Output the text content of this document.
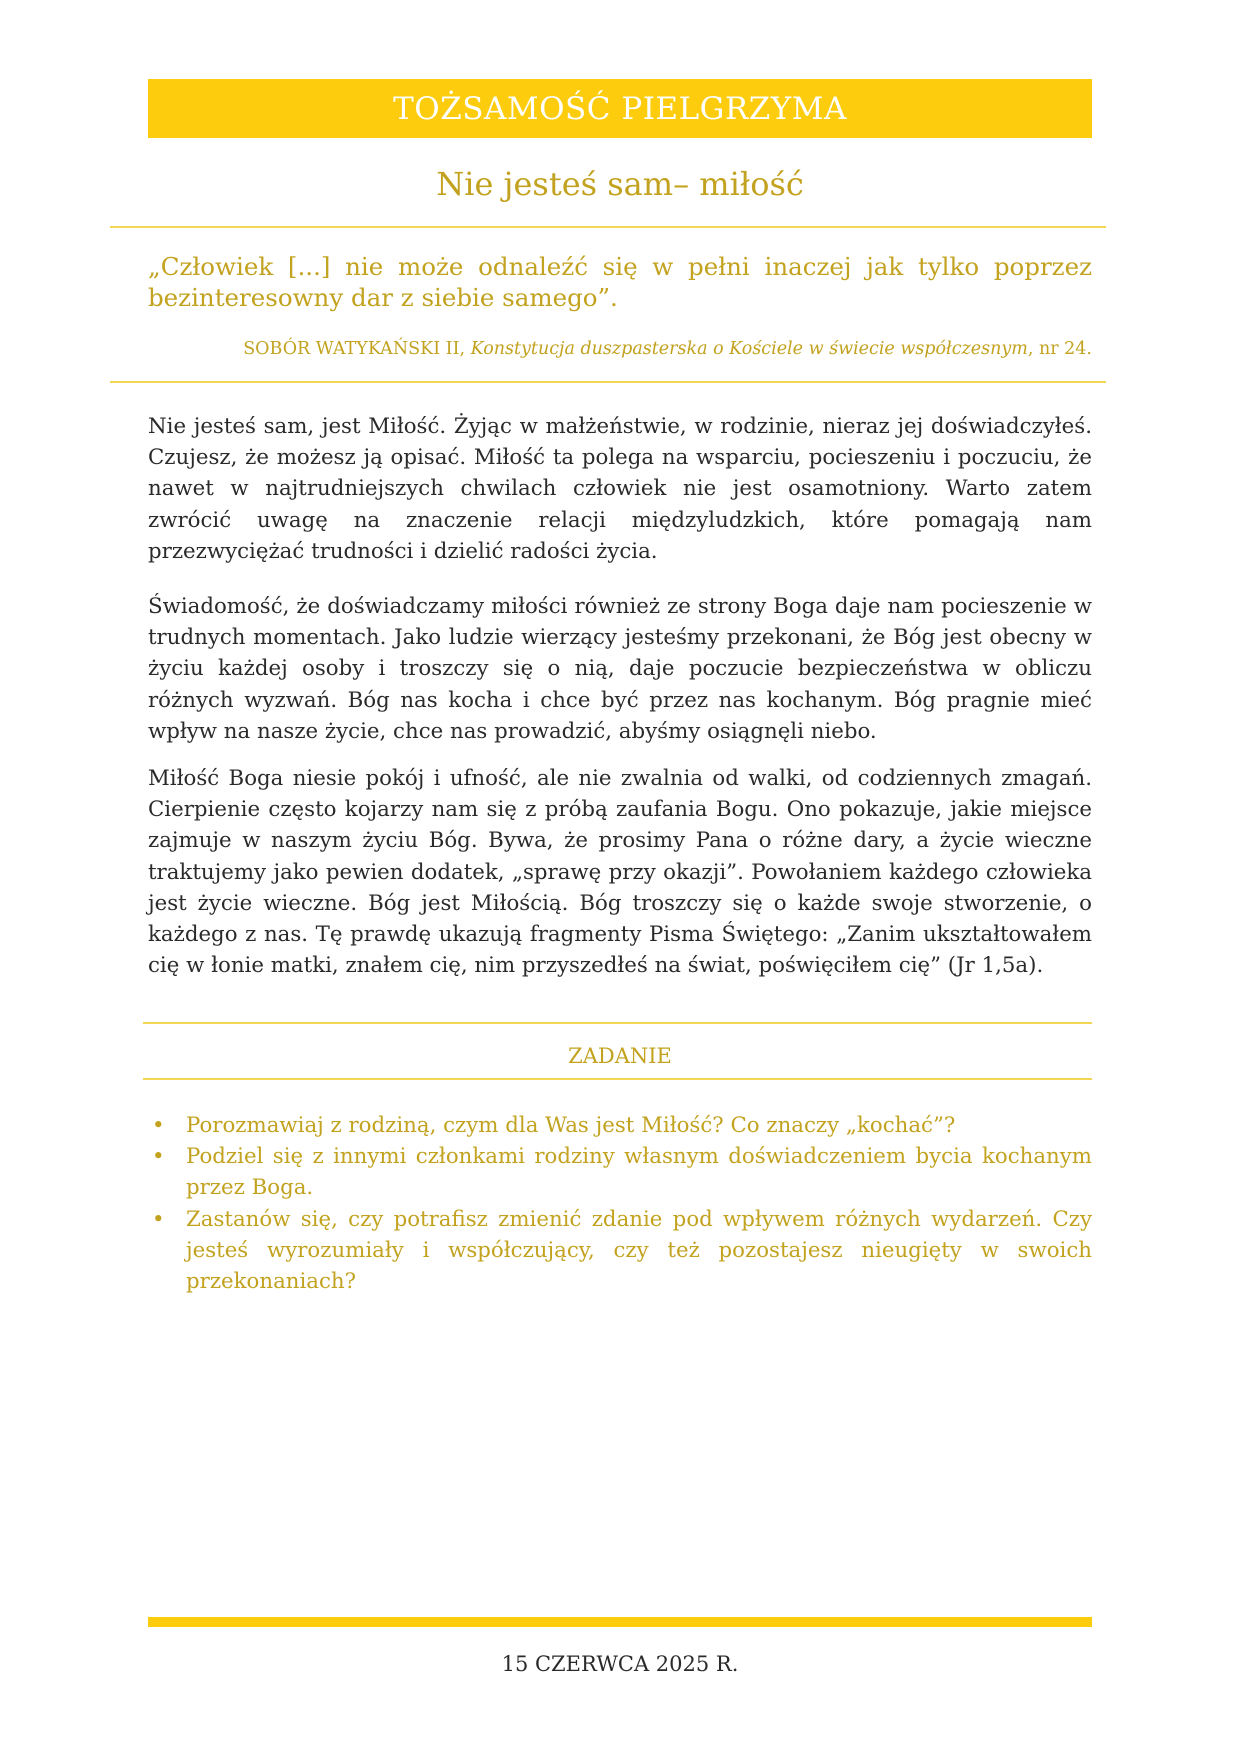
TOŻSAMOŚĆ PIELGRZYMA
Nie jesteś sam– miłość

„Człowiek [...] nie może odnaleźć się w pełni inaczej jak tylko poprzez bezinteresowny dar z siebie samego”.

SOBÓR WATYKAŃSKI II, Konstytucja duszpasterska o Kościele w świecie współczesnym, nr 24.

Nie jesteś sam, jest Miłość. Żyjąc w małżeństwie, w rodzinie, nieraz jej doświadczyłeś. Czujesz, że możesz ją opisać. Miłość ta polega na wsparciu, pocieszeniu i poczuciu, że nawet w najtrudniejszych chwilach człowiek nie jest osamotniony. Warto zatem zwrócić uwagę na znaczenie relacji międzyludzkich, które pomagają nam przezwyciężać trudności i dzielić radości życia.

Świadomość, że doświadczamy miłości również ze strony Boga daje nam pocieszenie w trudnych momentach. Jako ludzie wierzący jesteśmy przekonani, że Bóg jest obecny w życiu każdej osoby i troszczy się o nią, daje poczucie bezpieczeństwa w obliczu różnych wyzwań. Bóg nas kocha i chce być przez nas kochanym. Bóg pragnie mieć wpływ na nasze życie, chce nas prowadzić, abyśmy osiągnęli niebo.

Miłość Boga niesie pokój i ufność, ale nie zwalnia od walki, od codziennych zmagań. Cierpienie często kojarzy nam się z próbą zaufania Bogu. Ono pokazuje, jakie miejsce zajmuje w naszym życiu Bóg. Bywa, że prosimy Pana o różne dary, a życie wieczne traktujemy jako pewien dodatek, „sprawę przy okazji”. Powołaniem każdego człowieka jest życie wieczne. Bóg jest Miłością. Bóg troszczy się o każde swoje stworzenie, o każdego z nas. Tę prawdę ukazują fragmenty Pisma Świętego: „Zanim ukształtowałem cię w łonie matki, znałem cię, nim przyszedłeś na świat, poświęciłem cię” (Jr 1,5a).

ZADANIE
• Porozmawiaj z rodziną, czym dla Was jest Miłość? Co znaczy „kochać”?
• Podziel się z innymi członkami rodziny własnym doświadczeniem bycia kochanym przez Boga.
• Zastanów się, czy potrafisz zmienić zdanie pod wpływem różnych wydarzeń. Czy jesteś wyrozumiały i współczujący, czy też pozostajesz nieugięty w swoich przekonaniach?
15 CZERWCA 2025 R.
